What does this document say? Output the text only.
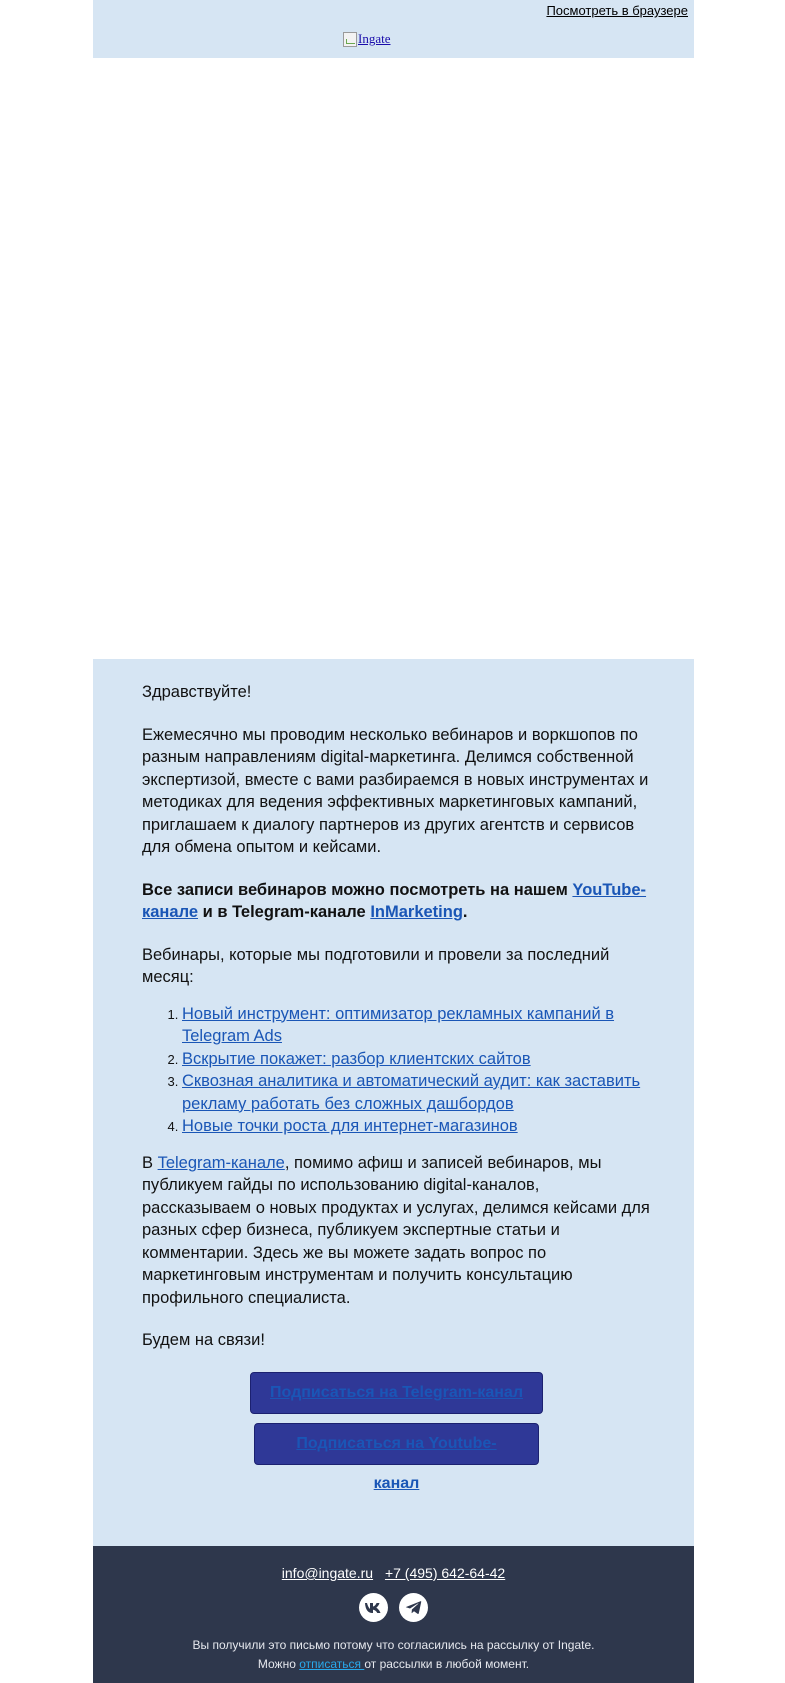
Посмотреть в браузере
Ingate

Здравствуйте!

Ежемесячно мы проводим несколько вебинаров и воркшопов по разным направлениям digital-маркетинга. Делимся собственной экспертизой, вместе с вами разбираемся в новых инструментах и методиках для ведения эффективных маркетинговых кампаний, приглашаем к диалогу партнеров из других агентств и сервисов для обмена опытом и кейсами.

Все записи вебинаров можно посмотреть на нашем YouTube-канале и в Telegram-канале InMarketing.

Вебинары, которые мы подготовили и провели за последний месяц:

1. Новый инструмент: оптимизатор рекламных кампаний в Telegram Ads
2. Вскрытие покажет: разбор клиентских сайтов
3. Сквозная аналитика и автоматический аудит: как заставить рекламу работать без сложных дашбордов
4. Новые точки роста для интернет-магазинов

В Telegram-канале, помимо афиш и записей вебинаров, мы публикуем гайды по использованию digital-каналов, рассказываем о новых продуктах и услугах, делимся кейсами для разных сфер бизнеса, публикуем экспертные статьи и комментарии. Здесь же вы можете задать вопрос по маркетинговым инструментам и получить консультацию профильного специалиста.

Будем на связи!

Подписаться на Telegram-канал
Подписаться на Youtube-канал
info@ingate.ru +7 (495) 642-64-42
Вы получили это письмо потому что согласились на рассылку от Ingate.
Можно отписаться от рассылки в любой момент.
